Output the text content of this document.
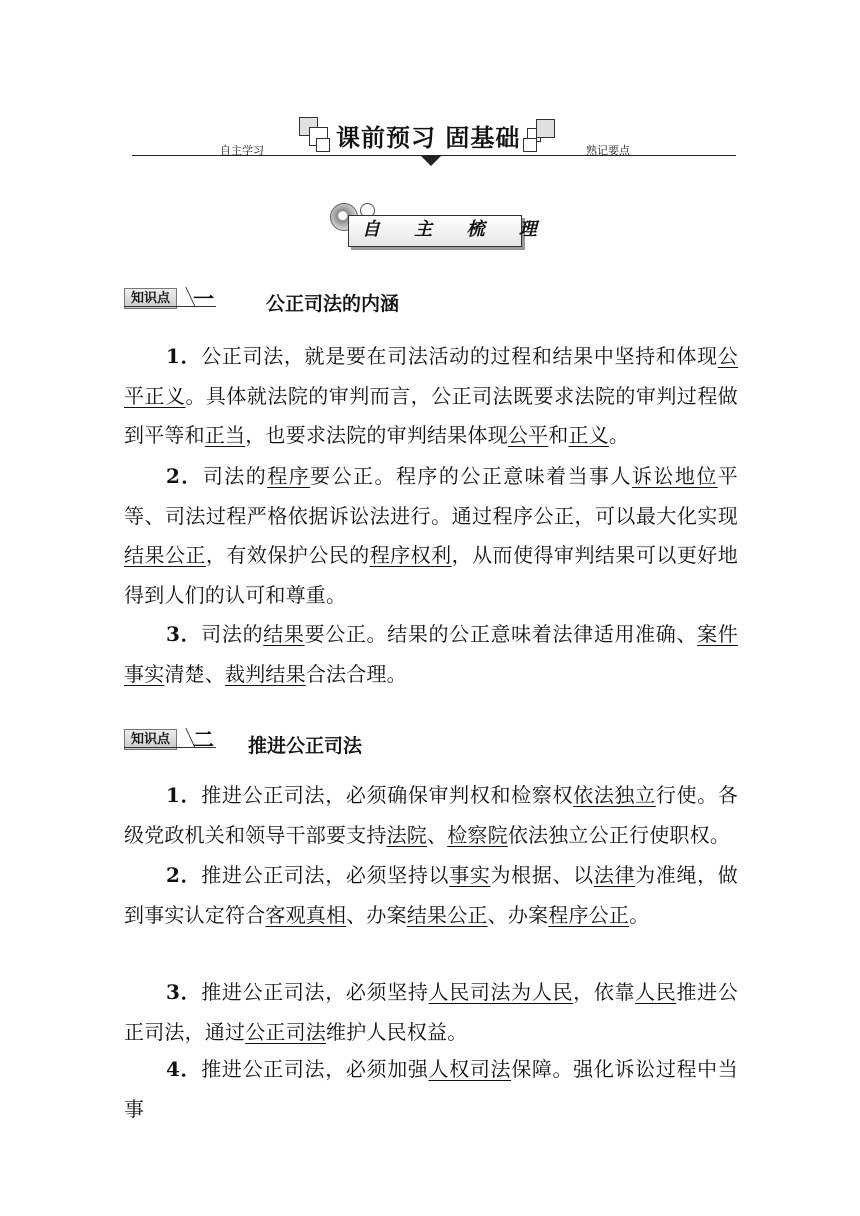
课前预习 固基础
自主学习	熟记要点
自 主 梳 理
知识点	一	公正司法的内涵
1．公正司法，就是要在司法活动的过程和结果中坚持和体现公平正义。具体就法院的审判而言，公正司法既要求法院的审判过程做到平等和正当，也要求法院的审判结果体现公平和正义。
2．司法的程序要公正。程序的公正意味着当事人诉讼地位平等、司法过程严格依据诉讼法进行。通过程序公正，可以最大化实现结果公正，有效保护公民的程序权利，从而使得审判结果可以更好地得到人们的认可和尊重。
3．司法的结果要公正。结果的公正意味着法律适用准确、案件事实清楚、裁判结果合法合理。
知识点	二 推进公正司法
1．推进公正司法，必须确保审判权和检察权依法独立行使。各级党政机关和领导干部要支持法院、检察院依法独立公正行使职权。
2．推进公正司法，必须坚持以事实为根据、以法律为准绳，做到事实认定符合客观真相、办案结果公正、办案程序公正。
3．推进公正司法，必须坚持人民司法为人民，依靠人民推进公正司法，通过公正司法维护人民权益。
4．推进公正司法，必须加强人权司法保障。强化诉讼过程中当事
